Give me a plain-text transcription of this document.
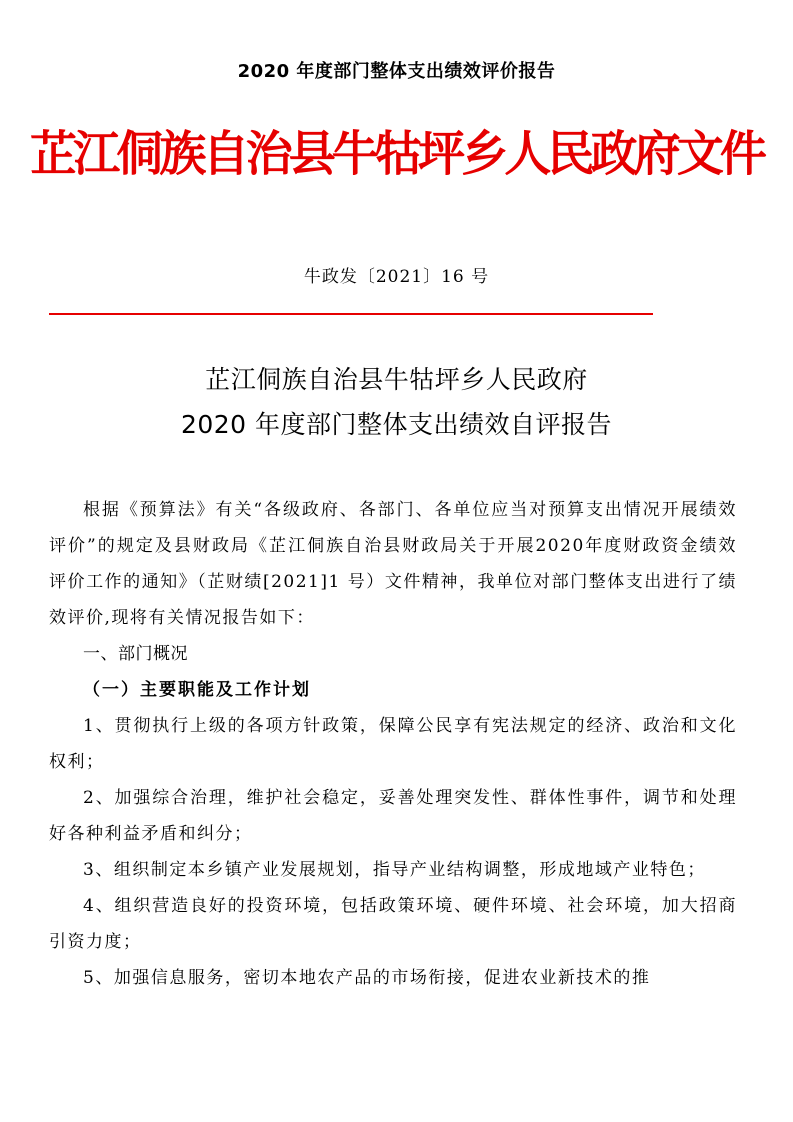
2020 年度部门整体支出绩效评价报告
芷江侗族自治县牛牯坪乡人民政府文件
牛政发〔2021〕16 号
芷江侗族自治县牛牯坪乡人民政府
2020 年度部门整体支出绩效自评报告

根据《预算法》有关“各级政府、各部门、各单位应当对预算支出情况开展绩效评价”的规定及县财政局《芷江侗族自治县财政局关于开展2020年度财政资金绩效评价工作的通知》（芷财绩[2021]1 号）文件精神，我单位对部门整体支出进行了绩效评价,现将有关情况报告如下：

一、部门概况

（一）主要职能及工作计划

1、贯彻执行上级的各项方针政策，保障公民享有宪法规定的经济、政治和文化权利；

2、加强综合治理，维护社会稳定，妥善处理突发性、群体性事件，调节和处理好各种利益矛盾和纠分；

3、组织制定本乡镇产业发展规划，指导产业结构调整，形成地域产业特色；

4、组织营造良好的投资环境，包括政策环境、硬件环境、社会环境，加大招商引资力度；

5、加强信息服务，密切本地农产品的市场衔接，促进农业新技术的推
